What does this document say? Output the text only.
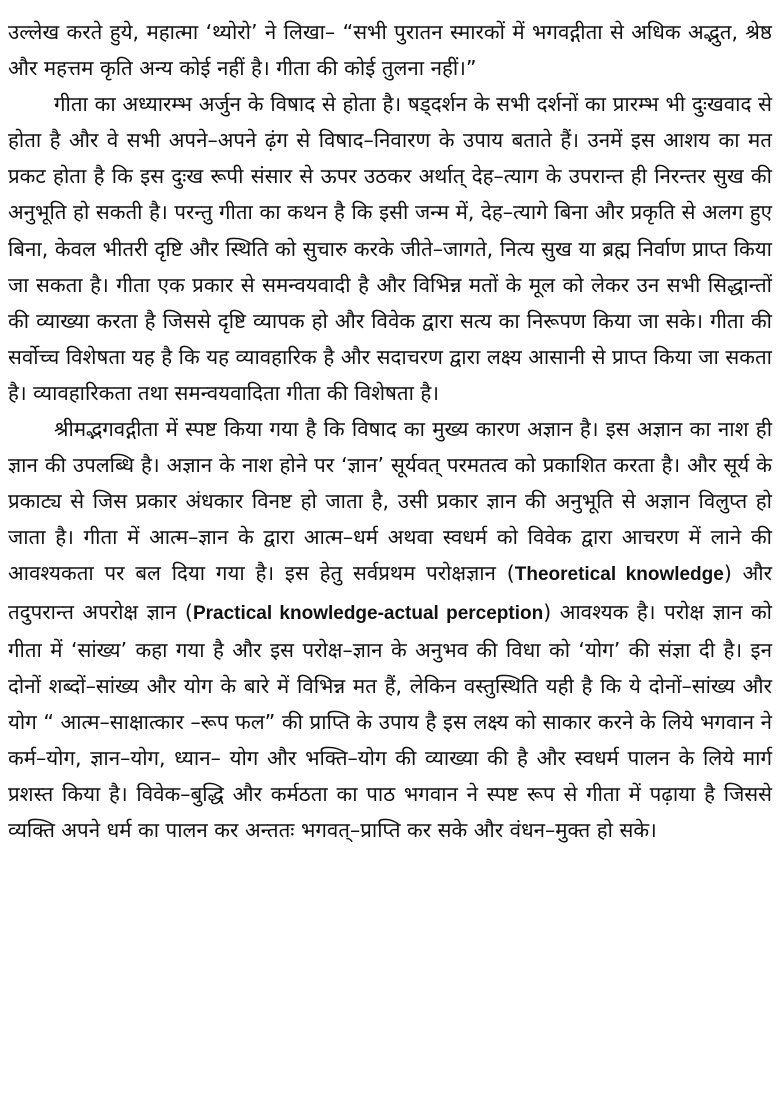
उल्लेख करते हुये, महात्मा ‘थ्योरो’ ने लिखा– “सभी पुरातन स्मारकों में भगवद्गीता से अधिक अद्भुत, श्रेष्ठ और महत्तम कृति अन्य कोई नहीं है। गीता की कोई तुलना नहीं।”

गीता का अध्यारम्भ अर्जुन के विषाद से होता है। षड्दर्शन के सभी दर्शनों का प्रारम्भ भी दुःखवाद से होता है और वे सभी अपने–अपने ढ़ंग से विषाद–निवारण के उपाय बताते हैं। उनमें इस आशय का मत प्रकट होता है कि इस दुःख रूपी संसार से ऊपर उठकर अर्थात् देह–त्याग के उपरान्त ही निरन्तर सुख की अनुभूति हो सकती है। परन्तु गीता का कथन है कि इसी जन्म में, देह–त्यागे बिना और प्रकृति से अलग हुए बिना, केवल भीतरी दृष्टि और स्थिति को सुचारु करके जीते–जागते, नित्य सुख या ब्रह्म निर्वाण प्राप्त किया जा सकता है। गीता एक प्रकार से समन्वयवादी है और विभिन्न मतों के मूल को लेकर उन सभी सिद्धान्तों की व्याख्या करता है जिससे दृष्टि व्यापक हो और विवेक द्वारा सत्य का निरूपण किया जा सके। गीता की सर्वोच्च विशेषता यह है कि यह व्यावहारिक है और सदाचरण द्वारा लक्ष्य आसानी से प्राप्त किया जा सकता है। व्यावहारिकता तथा समन्वयवादिता गीता की विशेषता है।

श्रीमद्भगवद्गीता में स्पष्ट किया गया है कि विषाद का मुख्य कारण अज्ञान है। इस अज्ञान का नाश ही ज्ञान की उपलब्धि है। अज्ञान के नाश होने पर ‘ज्ञान’ सूर्यवत् परमतत्व को प्रकाशित करता है। और सूर्य के प्रकाट्य से जिस प्रकार अंधकार विनष्ट हो जाता है, उसी प्रकार ज्ञान की अनुभूति से अज्ञान विलुप्त हो जाता है। गीता में आत्म–ज्ञान के द्वारा आत्म–धर्म अथवा स्वधर्म को विवेक द्वारा आचरण में लाने की आवश्यकता पर बल दिया गया है। इस हेतु सर्वप्रथम परोक्षज्ञान (Theoretical knowledge) और तदुपरान्त अपरोक्ष ज्ञान (Practical knowledge-actual perception) आवश्यक है। परोक्ष ज्ञान को गीता में ‘सांख्य’ कहा गया है और इस परोक्ष–ज्ञान के अनुभव की विधा को ‘योग’ की संज्ञा दी है। इन दोनों शब्दों–सांख्य और योग के बारे में विभिन्न मत हैं, लेकिन वस्तुस्थिति यही है कि ये दोनों–सांख्य और योग “ आत्म–साक्षात्कार –रूप फल” की प्राप्ति के उपाय है इस लक्ष्य को साकार करने के लिये भगवान ने कर्म–योग, ज्ञान–योग, ध्यान– योग और भक्ति–योग की व्याख्या की है और स्वधर्म पालन के लिये मार्ग प्रशस्त किया है। विवेक–बुद्धि और कर्मठता का पाठ भगवान ने स्पष्ट रूप से गीता में पढ़ाया है जिससे व्यक्ति अपने धर्म का पालन कर अन्ततः भगवत्–प्राप्ति कर सके और वंधन–मुक्त हो सके।
